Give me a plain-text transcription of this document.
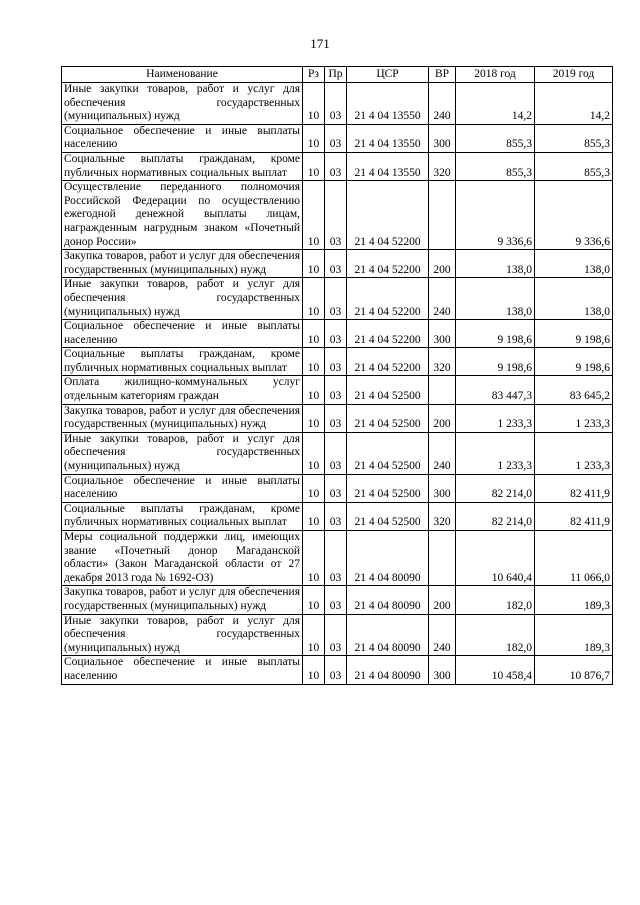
171
Наименование	Рз	Пр	ЦСР	ВР	2018 год	2019 год
Иные закупки товаров, работ и услуг для обеспечения государственных (муниципальных) нужд	10	03	21 4 04 13550	240	14,2	14,2
Социальное обеспечение и иные выплаты населению	10	03	21 4 04 13550	300	855,3	855,3
Социальные выплаты гражданам, кроме публичных нормативных социальных выплат	10	03	21 4 04 13550	320	855,3	855,3
Осуществление переданного полномочия Российской Федерации по осуществлению ежегодной денежной выплаты лицам, награжденным нагрудным знаком «Почетный донор России»	10	03	21 4 04 52200		9 336,6	9 336,6
Закупка товаров, работ и услуг для обеспечения государственных (муниципальных) нужд	10	03	21 4 04 52200	200	138,0	138,0
Иные закупки товаров, работ и услуг для обеспечения государственных (муниципальных) нужд	10	03	21 4 04 52200	240	138,0	138,0
Социальное обеспечение и иные выплаты населению	10	03	21 4 04 52200	300	9 198,6	9 198,6
Социальные выплаты гражданам, кроме публичных нормативных социальных выплат	10	03	21 4 04 52200	320	9 198,6	9 198,6
Оплата жилищно-коммунальных услуг отдельным категориям граждан	10	03	21 4 04 52500		83 447,3	83 645,2
Закупка товаров, работ и услуг для обеспечения государственных (муниципальных) нужд	10	03	21 4 04 52500	200	1 233,3	1 233,3
Иные закупки товаров, работ и услуг для обеспечения государственных (муниципальных) нужд	10	03	21 4 04 52500	240	1 233,3	1 233,3
Социальное обеспечение и иные выплаты населению	10	03	21 4 04 52500	300	82 214,0	82 411,9
Социальные выплаты гражданам, кроме публичных нормативных социальных выплат	10	03	21 4 04 52500	320	82 214,0	82 411,9
Меры социальной поддержки лиц, имеющих звание «Почетный донор Магаданской области» (Закон Магаданской области от 27 декабря 2013 года № 1692-ОЗ)	10	03	21 4 04 80090		10 640,4	11 066,0
Закупка товаров, работ и услуг для обеспечения государственных (муниципальных) нужд	10	03	21 4 04 80090	200	182,0	189,3
Иные закупки товаров, работ и услуг для обеспечения государственных (муниципальных) нужд	10	03	21 4 04 80090	240	182,0	189,3
Социальное обеспечение и иные выплаты населению	10	03	21 4 04 80090	300	10 458,4	10 876,7
